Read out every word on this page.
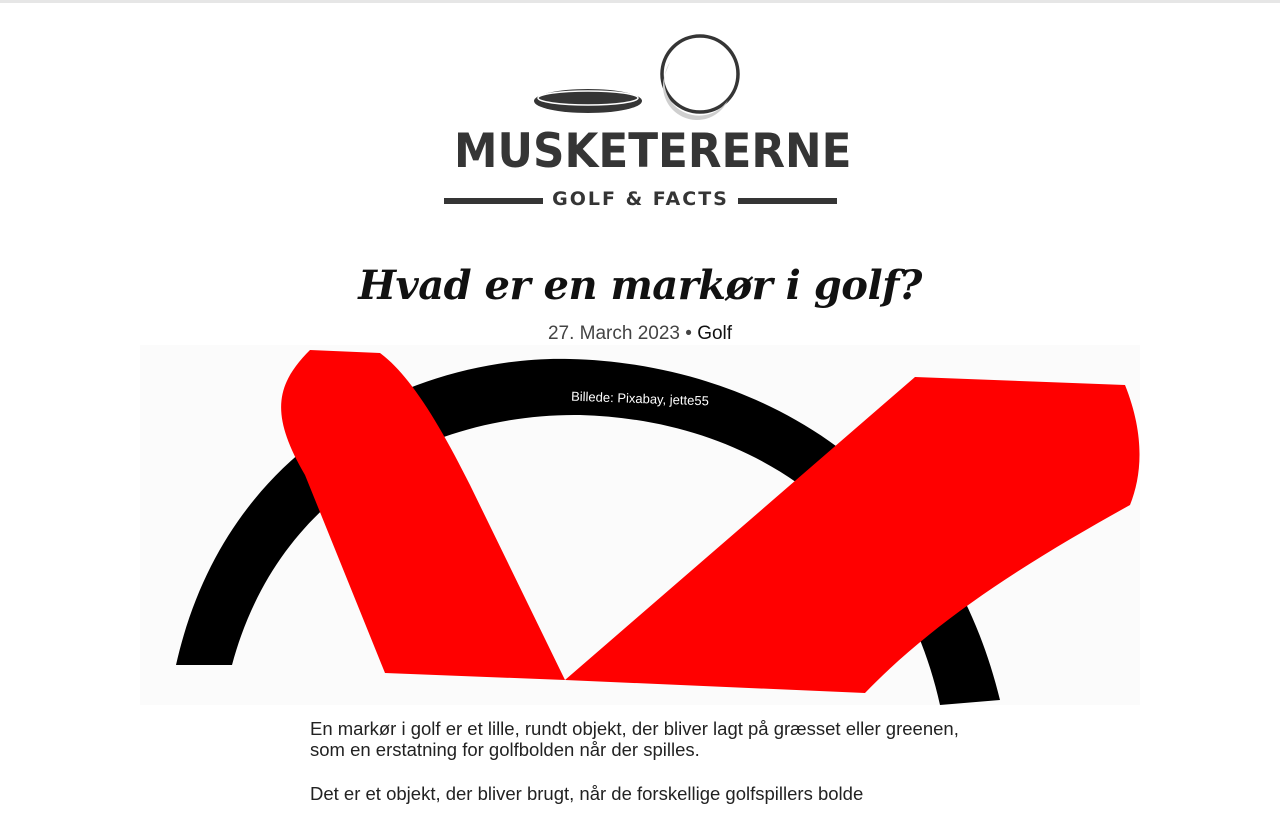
MUSKETERERNE
GOLF & FACTS
Hvad er en markør i golf?
27. March 2023 • Golf
Billede: Pixabay, jette55

En markør i golf er et lille, rundt objekt, der bliver lagt på græsset eller greenen, som en erstatning for golfbolden når der spilles.

Det er et objekt, der bliver brugt, når de forskellige golfspillers bolde
